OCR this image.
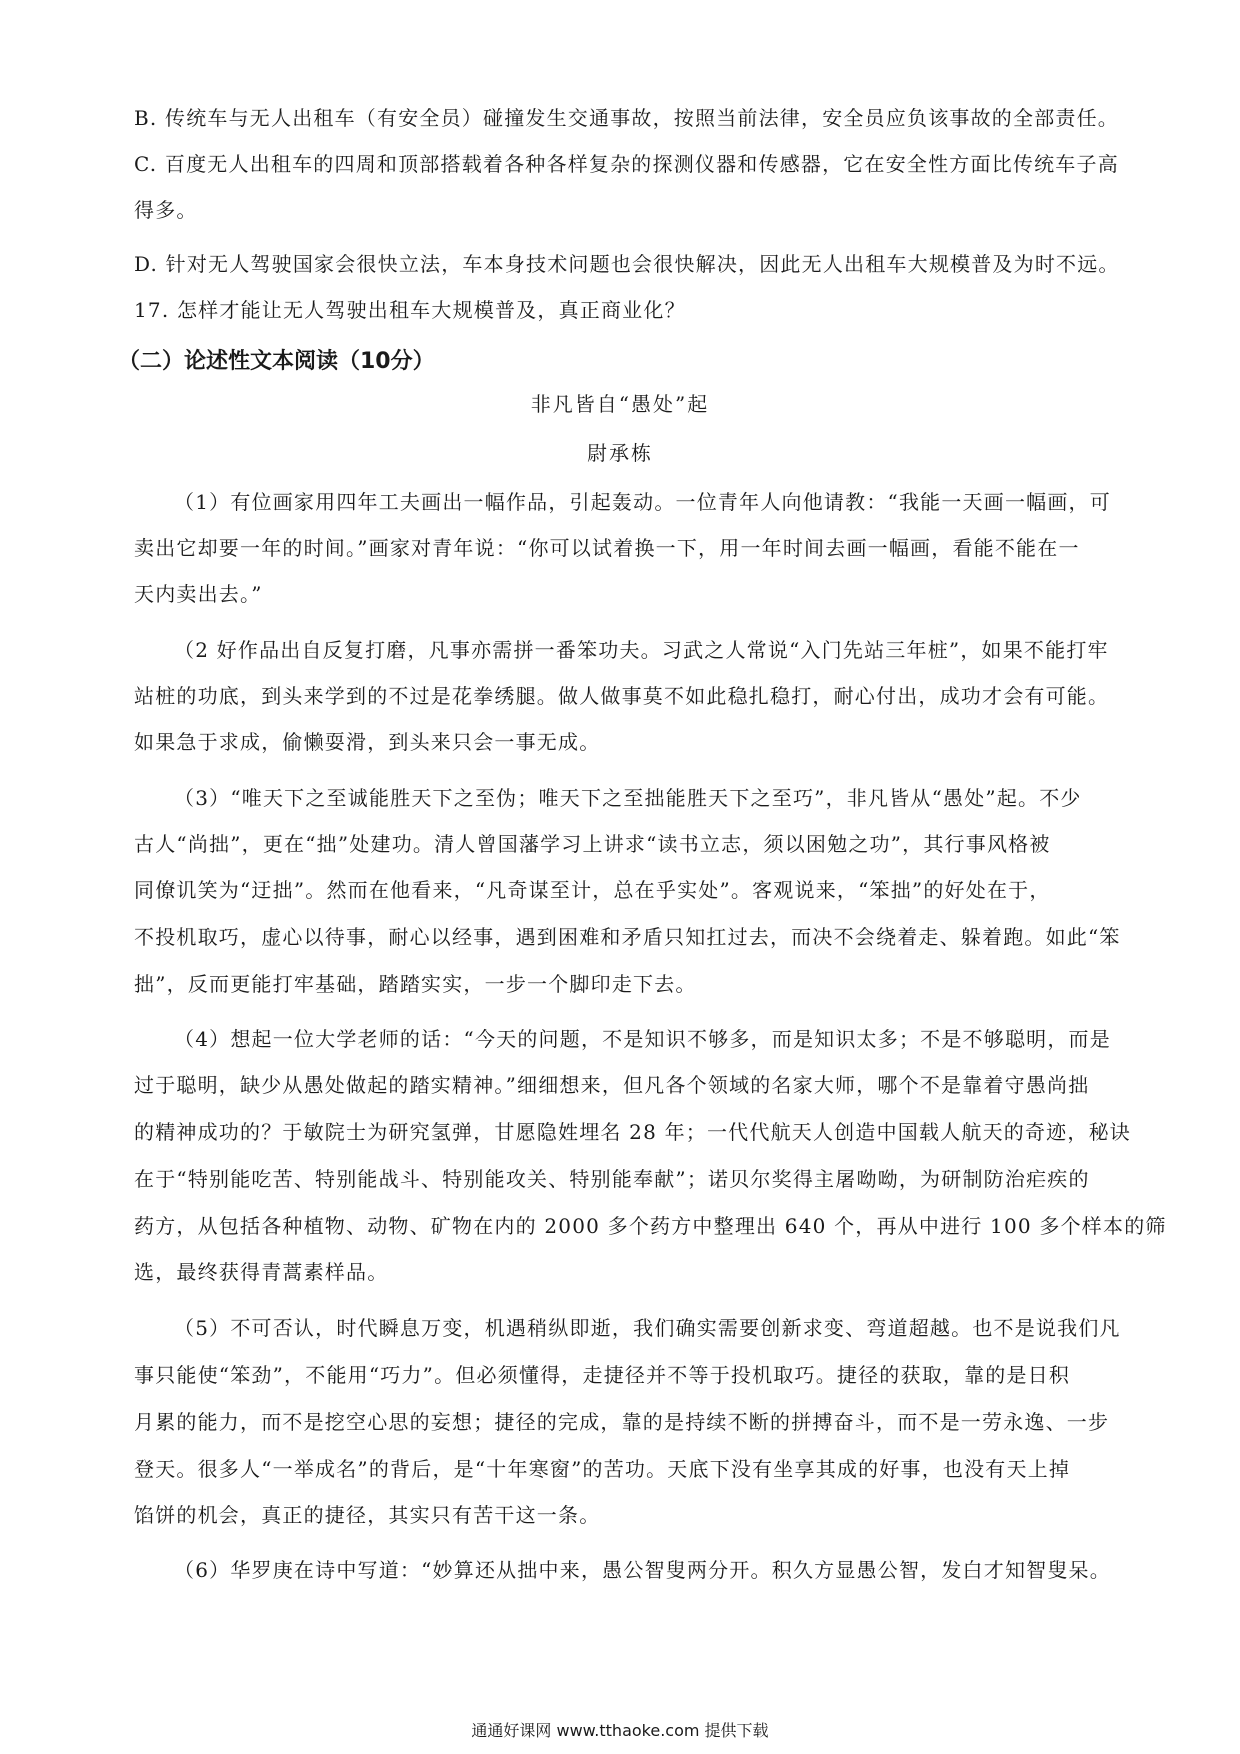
B. 传统车与无人出租车（有安全员）碰撞发生交通事故，按照当前法律，安全员应负该事故的全部责任。
C. 百度无人出租车的四周和顶部搭载着各种各样复杂的探测仪器和传感器，它在安全性方面比传统车子高
得多。
D. 针对无人驾驶国家会很快立法，车本身技术问题也会很快解决，因此无人出租车大规模普及为时不远。
17. 怎样才能让无人驾驶出租车大规模普及，真正商业化？
（二）论述性文本阅读（10分）
非凡皆自“愚处”起
尉承栋
（1）有位画家用四年工夫画出一幅作品，引起轰动。一位青年人向他请教：“我能一天画一幅画，可
卖出它却要一年的时间。”画家对青年说：“你可以试着换一下，用一年时间去画一幅画，看能不能在一
天内卖出去。”
（2 好作品出自反复打磨，凡事亦需拼一番笨功夫。习武之人常说“入门先站三年桩”，如果不能打牢
站桩的功底，到头来学到的不过是花拳绣腿。做人做事莫不如此稳扎稳打，耐心付出，成功才会有可能。
如果急于求成，偷懒耍滑，到头来只会一事无成。
（3）“唯天下之至诚能胜天下之至伪；唯天下之至拙能胜天下之至巧”，非凡皆从“愚处”起。不少
古人“尚拙”，更在“拙”处建功。清人曾国藩学习上讲求“读书立志，须以困勉之功”，其行事风格被
同僚讥笑为“迂拙”。然而在他看来，“凡奇谋至计，总在乎实处”。客观说来，“笨拙”的好处在于，
不投机取巧，虚心以待事，耐心以经事，遇到困难和矛盾只知扛过去，而决不会绕着走、躲着跑。如此“笨
拙”，反而更能打牢基础，踏踏实实，一步一个脚印走下去。
（4）想起一位大学老师的话：“今天的问题，不是知识不够多，而是知识太多；不是不够聪明，而是
过于聪明，缺少从愚处做起的踏实精神。”细细想来，但凡各个领域的名家大师，哪个不是靠着守愚尚拙
的精神成功的？于敏院士为研究氢弹，甘愿隐姓埋名 28 年；一代代航天人创造中国载人航天的奇迹，秘诀
在于“特别能吃苦、特别能战斗、特别能攻关、特别能奉献”；诺贝尔奖得主屠呦呦，为研制防治疟疾的
药方，从包括各种植物、动物、矿物在内的 2000 多个药方中整理出 640 个，再从中进行 100 多个样本的筛
选，最终获得青蒿素样品。
（5）不可否认，时代瞬息万变，机遇稍纵即逝，我们确实需要创新求变、弯道超越。也不是说我们凡
事只能使“笨劲”，不能用“巧力”。但必须懂得，走捷径并不等于投机取巧。捷径的获取，靠的是日积
月累的能力，而不是挖空心思的妄想；捷径的完成，靠的是持续不断的拼搏奋斗，而不是一劳永逸、一步
登天。很多人“一举成名”的背后，是“十年寒窗”的苦功。天底下没有坐享其成的好事，也没有天上掉
馅饼的机会，真正的捷径，其实只有苦干这一条。
（6）华罗庚在诗中写道：“妙算还从拙中来，愚公智叟两分开。积久方显愚公智，发白才知智叟呆。
通通好课网 www.tthaoke.com 提供下载
